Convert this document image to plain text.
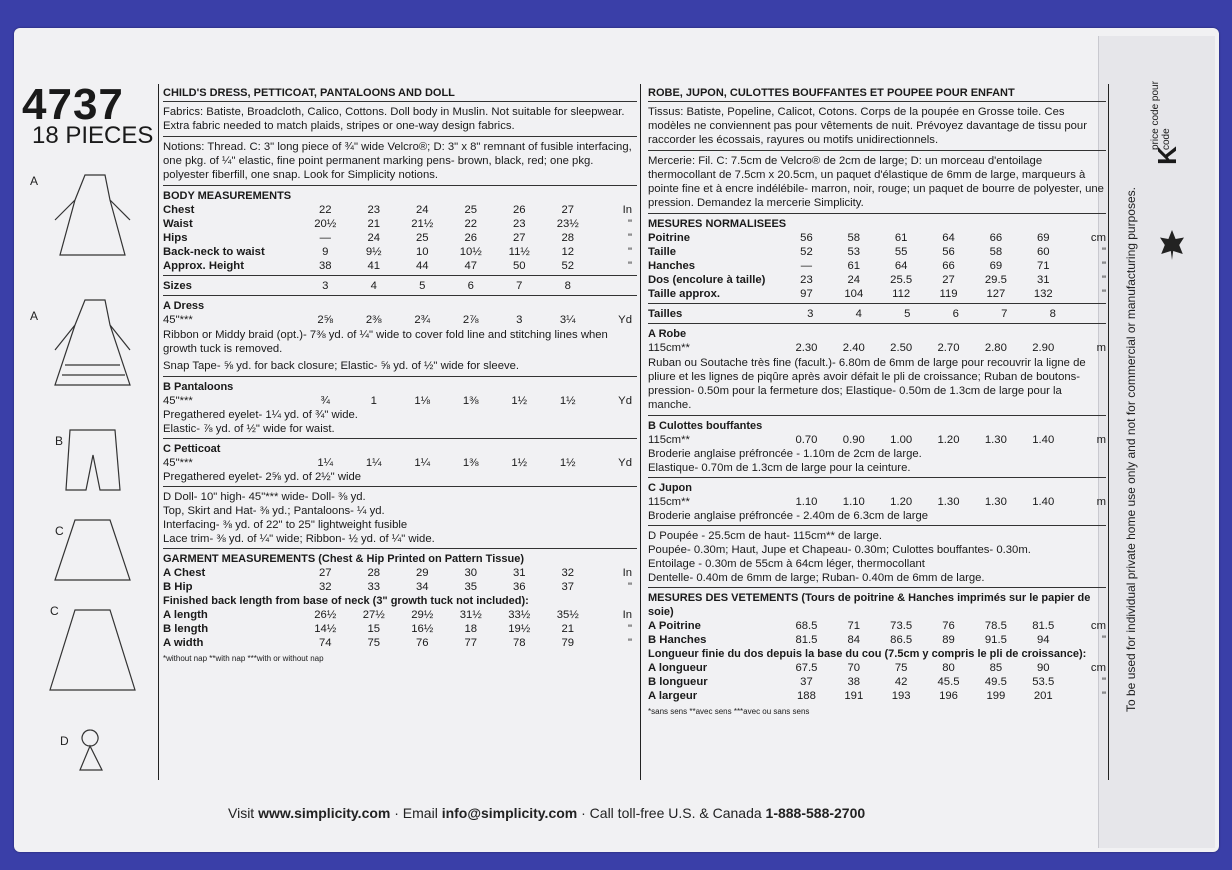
4737
18 PIECES
A
A
B
C
C
D
CHILD'S DRESS, PETTICOAT, PANTALOONS AND DOLL
Fabrics: Batiste, Broadcloth, Calico, Cottons. Doll body in Muslin. Not suitable for sleepwear. Extra fabric needed to match plaids, stripes or one-way design fabrics.
Notions: Thread. C: 3" long piece of ¾" wide Velcro®; D: 3" x 8" remnant of fusible interfacing, one pkg. of ¼" elastic, fine point permanent marking pens- brown, black, red; one pkg. polyester fiberfill, one snap. Look for Simplicity notions.
BODY MEASUREMENTS
Chest	22	23	24	25	26	27	In
Waist	20½	21	21½	22	23	23½	"
Hips	—	24	25	26	27	28	"
Back-neck to waist	9	9½	10	10½	11½	12	"
Approx. Height	38	41	44	47	50	52	"
Sizes	3	4	5	6	7	8
A Dress
45"***	2⅝	2⅜	2¾	2⅞	3	3¼	Yd
Ribbon or Middy braid (opt.)- 7⅜ yd. of ¼" wide to cover fold line and stitching lines when growth tuck is removed.
Snap Tape- ⅝ yd. for back closure; Elastic- ⅝ yd. of ½" wide for sleeve.
B Pantaloons
45"***	¾	1	1⅛	1⅜	1½	1½	Yd
Pregathered eyelet- 1¼ yd. of ¾" wide.
Elastic- ⅞ yd. of ½" wide for waist.
C Petticoat
45"***	1¼	1¼	1¼	1⅜	1½	1½	Yd
Pregathered eyelet- 2⅝ yd. of 2½" wide
D Doll- 10" high- 45"*** wide- Doll- ⅜ yd.
Top, Skirt and Hat- ⅜ yd.; Pantaloons- ¼ yd.
Interfacing- ⅜ yd. of 22" to 25" lightweight fusible
Lace trim- ⅜ yd. of ¼" wide; Ribbon- ½ yd. of ¼" wide.
GARMENT MEASUREMENTS (Chest & Hip Printed on Pattern Tissue)
A Chest	27	28	29	30	31	32	In
B Hip	32	33	34	35	36	37	"
Finished back length from base of neck (3" growth tuck not included):
A length	26½	27½	29½	31½	33½	35½	In
B length	14½	15	16½	18	19½	21	"
A width	74	75	76	77	78	79	"
*without nap **with nap ***with or without nap
ROBE, JUPON, CULOTTES BOUFFANTES ET POUPEE POUR ENFANT
Tissus: Batiste, Popeline, Calicot, Cotons. Corps de la poupée en Grosse toile. Ces modèles ne conviennent pas pour vêtements de nuit. Prévoyez davantage de tissu pour raccorder les écossais, rayures ou motifs unidirectionnels.
Mercerie: Fil. C: 7.5cm de Velcro® de 2cm de large; D: un morceau d'entoilage thermocollant de 7.5cm x 20.5cm, un paquet d'élastique de 6mm de large, marqueurs à pointe fine et à encre indélébile- marron, noir, rouge; un paquet de bourre de polyester, une pression. Demandez la mercerie Simplicity.
MESURES NORMALISEES
Poitrine	56	58	61	64	66	69	cm
Taille	52	53	55	56	58	60	"
Hanches	—	61	64	66	69	71	"
Dos (encolure à taille)	23	24	25.5	27	29.5	31	"
Taille approx.	97	104	112	119	127	132	"
Tailles	3	4	5	6	7	8
A Robe
115cm**	2.30	2.40	2.50	2.70	2.80	2.90	m
Ruban ou Soutache très fine (facult.)- 6.80m de 6mm de large pour recouvrir la ligne de pliure et les lignes de piqûre après avoir défait le pli de croissance; Ruban de boutons-pression- 0.50m pour la fermeture dos; Elastique- 0.50m de 1.3cm de large pour la manche.
B Culottes bouffantes
115cm**	0.70	0.90	1.00	1.20	1.30	1.40	m
Broderie anglaise préfroncée - 1.10m de 2cm de large.
Elastique- 0.70m de 1.3cm de large pour la ceinture.
C Jupon
115cm**	1.10	1.10	1.20	1.30	1.30	1.40	m
Broderie anglaise préfroncée - 2.40m de 6.3cm de large
D Poupée - 25.5cm de haut- 115cm** de large.
Poupée- 0.30m; Haut, Jupe et Chapeau- 0.30m; Culottes bouffantes- 0.30m.
Entoilage - 0.30m de 55cm à 64cm léger, thermocollant
Dentelle- 0.40m de 6mm de large; Ruban- 0.40m de 6mm de large.
MESURES DES VETEMENTS (Tours de poitrine & Hanches imprimés sur le papier de soie)
A Poitrine	68.5	71	73.5	76	78.5	81.5	cm
B Hanches	81.5	84	86.5	89	91.5	94	"
Longueur finie du dos depuis la base du cou (7.5cm y compris le pli de croissance):
A longueur	67.5	70	75	80	85	90	cm
B longueur	37	38	42	45.5	49.5	53.5	"
A largeur	188	191	193	196	199	201	"
*sans sens **avec sens ***avec ou sans sens
Visit www.simplicity.com · Email info@simplicity.com · Call toll-free U.S. & Canada 1-888-588-2700
To be used for individual private home use only and not for commercial or manufacturing purposes.
price code pour code
K
